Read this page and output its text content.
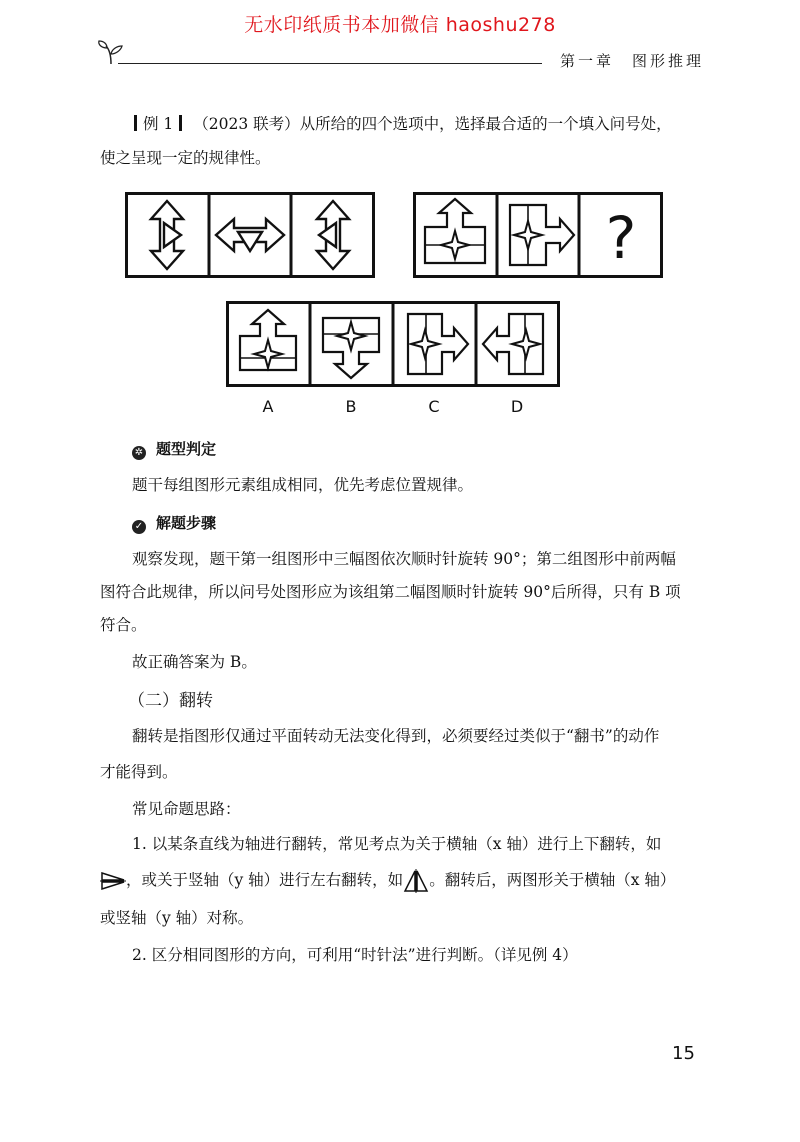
无水印纸质书本加微信 haoshu278
第一章　图形推理
例 1 （2023 联考）从所给的四个选项中，选择最合适的一个填入问号处，
使之呈现一定的规律性。
?
A	B	C	D
✲ 题型判定
题干每组图形元素组成相同，优先考虑位置规律。
✓ 解题步骤
观察发现，题干第一组图形中三幅图依次顺时针旋转 90°；第二组图形中前两幅
图符合此规律，所以问号处图形应为该组第二幅图顺时针旋转 90°后所得，只有 B 项
符合。
故正确答案为 B。
（二）翻转
翻转是指图形仅通过平面转动无法变化得到，必须要经过类似于“翻书”的动作
才能得到。
常见命题思路：
1. 以某条直线为轴进行翻转，常见考点为关于横轴（x 轴）进行上下翻转，如
，或关于竖轴（y 轴）进行左右翻转，如 。翻转后，两图形关于横轴（x 轴）
或竖轴（y 轴）对称。
2. 区分相同图形的方向，可利用“时针法”进行判断。（详见例 4）
15
